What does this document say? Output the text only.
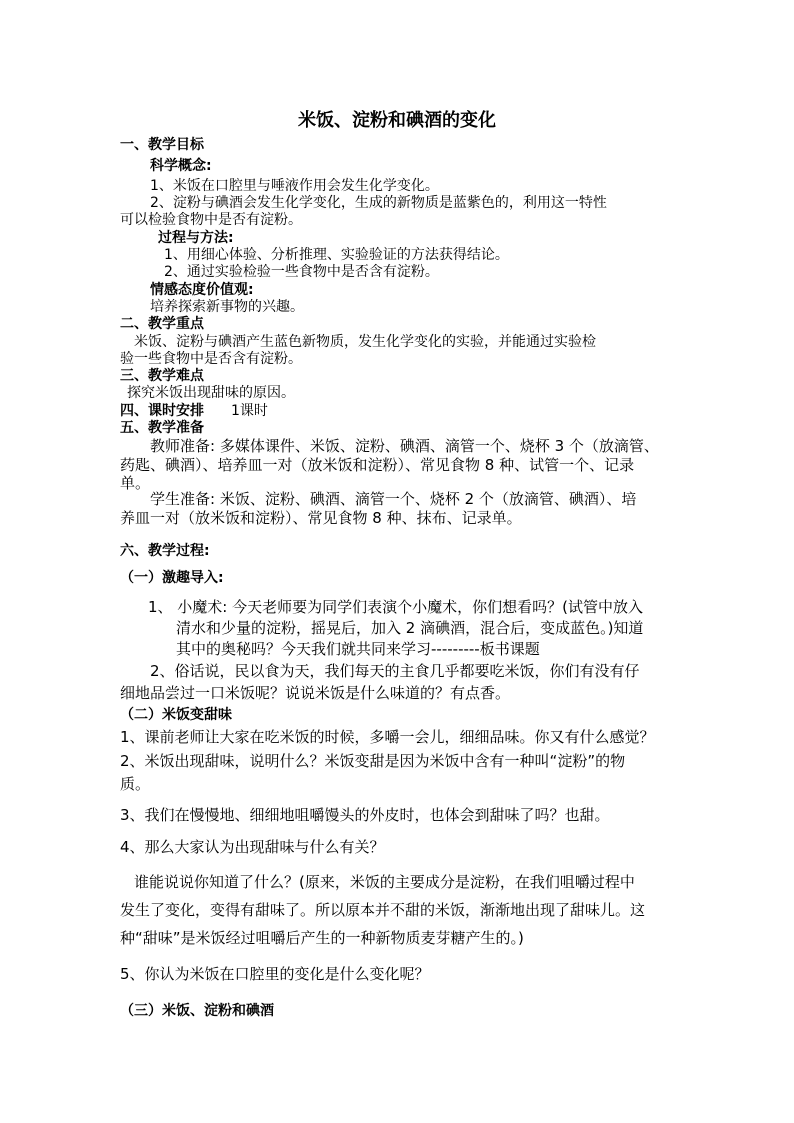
米饭、淀粉和碘酒的变化
一、教学目标
科学概念:
1、米饭在口腔里与唾液作用会发生化学变化。
2、淀粉与碘酒会发生化学变化，生成的新物质是蓝紫色的，利用这一特性
可以检验食物中是否有淀粉。
过程与方法:
1、用细心体验、分析推理、实验验证的方法获得结论。
2、通过实验检验一些食物中是否含有淀粉。
情感态度价值观:
培养探索新事物的兴趣。
二、教学重点
米饭、淀粉与碘酒产生蓝色新物质，发生化学变化的实验，并能通过实验检
验一些食物中是否含有淀粉。
三、教学难点
探究米饭出现甜味的原因。
四、课时安排 1课时
五、教学准备
教师准备: 多媒体课件、米饭、淀粉、碘酒、滴管一个、烧杯 3 个（放滴管、
药匙、碘酒）、培养皿一对（放米饭和淀粉）、常见食物 8 种、试管一个、记录
单。
学生准备: 米饭、淀粉、碘酒、滴管一个、烧杯 2 个（放滴管、碘酒）、培
养皿一对（放米饭和淀粉）、常见食物 8 种、抹布、记录单。
六、教学过程:
（一）激趣导入:
1、 小魔术: 今天老师要为同学们表演个小魔术，你们想看吗？(试管中放入
清水和少量的淀粉，摇晃后，加入 2 滴碘酒，混合后，变成蓝色。)知道
其中的奥秘吗？今天我们就共同来学习---------板书课题
2、俗话说，民以食为天，我们每天的主食几乎都要吃米饭，你们有没有仔
细地品尝过一口米饭呢？说说米饭是什么味道的？有点香。
（二）米饭变甜味
1、课前老师让大家在吃米饭的时候，多嚼一会儿，细细品味。你又有什么感觉？
2、米饭出现甜味，说明什么？米饭变甜是因为米饭中含有一种叫“淀粉”的物
质。
3、我们在慢慢地、细细地咀嚼馒头的外皮时，也体会到甜味了吗？也甜。
4、那么大家认为出现甜味与什么有关？
谁能说说你知道了什么？(原来，米饭的主要成分是淀粉，在我们咀嚼过程中
发生了变化，变得有甜味了。所以原本并不甜的米饭，渐渐地出现了甜味儿。这
种“甜味”是米饭经过咀嚼后产生的一种新物质麦芽糖产生的。)
5、你认为米饭在口腔里的变化是什么变化呢？
（三）米饭、淀粉和碘酒
